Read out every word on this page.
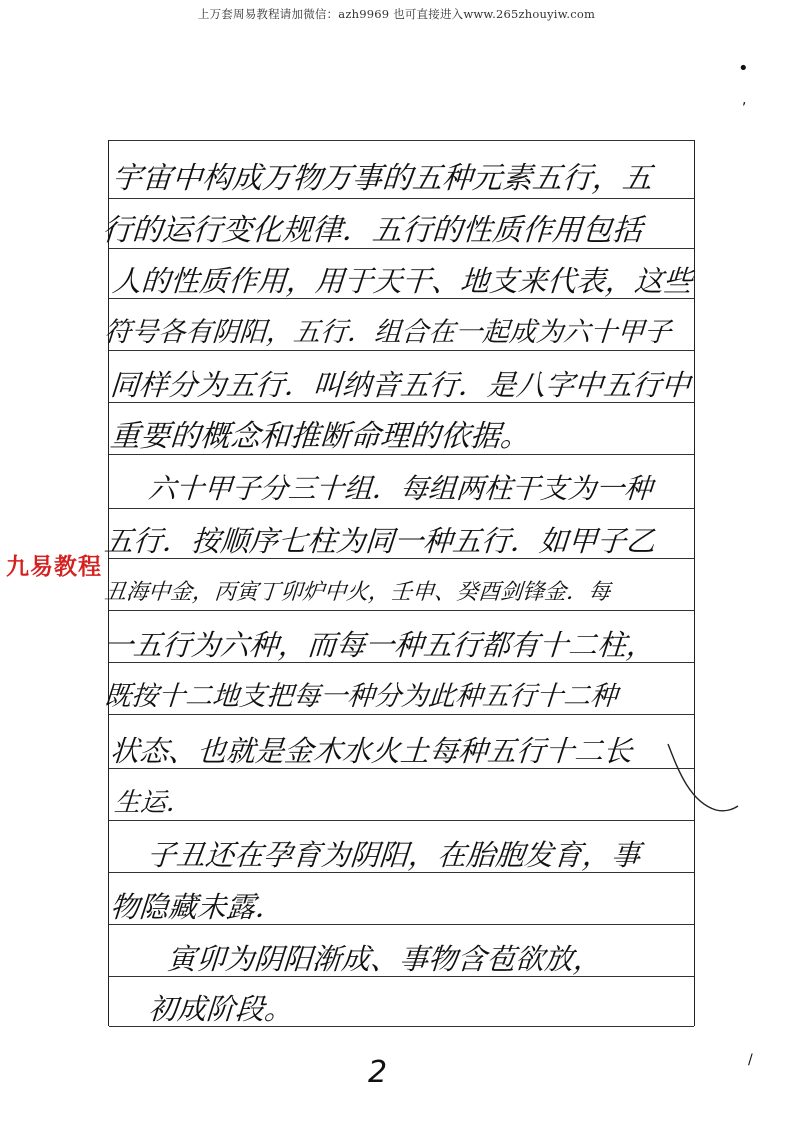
上万套周易教程请加微信：azh9969 也可直接进入www.265zhouyiw.com
九易教程
•
,
/
宇宙中构成万物万事的五种元素五行，五
行的运行变化规律．五行的性质作用包括
人的性质作用，用于天干、地支来代表，这些
符号各有阴阳，五行．组合在一起成为六十甲子
同样分为五行．叫纳音五行．是八字中五行中
重要的概念和推断命理的依据。
　六十甲子分三十组．每组两柱干支为一种
五行．按顺序七柱为同一种五行．如甲子乙
丑海中金，丙寅丁卯炉中火，壬申、癸酉剑锋金．每
一五行为六种，而每一种五行都有十二柱，
既按十二地支把每一种分为此种五行十二种
状态、也就是金木水火土每种五行十二长
生运．
　子丑还在孕育为阴阳，在胎胞发育，事
物隐藏未露．
　寅卯为阴阳渐成、事物含苞欲放，
初成阶段。
2
